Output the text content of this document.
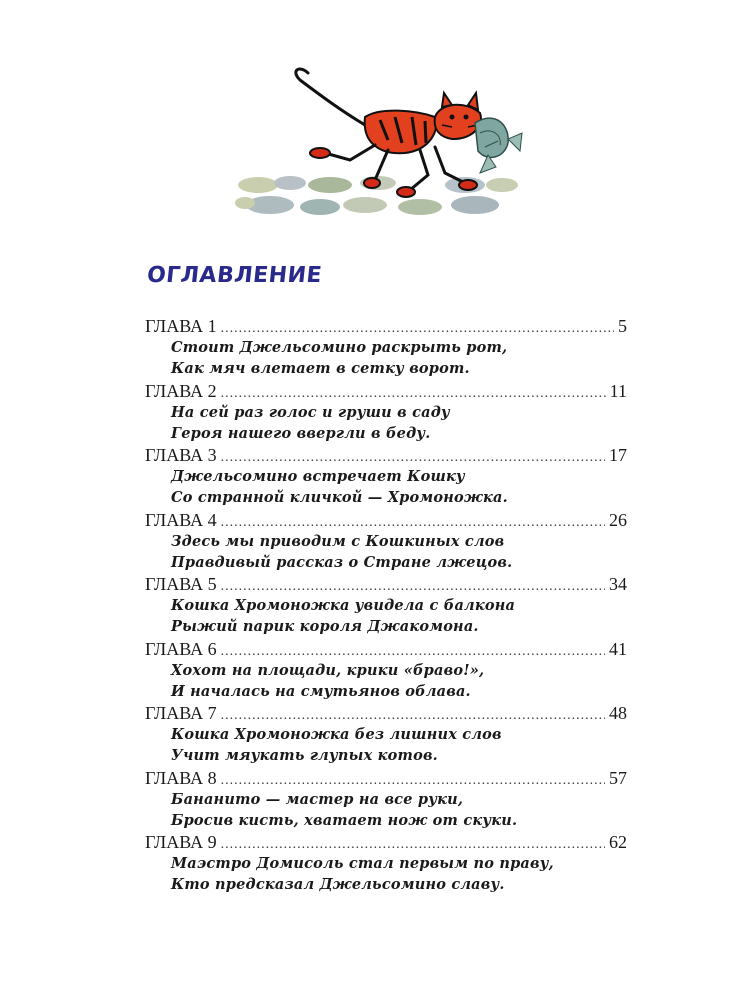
ОГЛАВЛЕНИЕ
ГЛАВА 1 .....	5
Стоит Джельсомино раскрыть рот,
Как мяч влетает в сетку ворот.
ГЛАВА 2 .....	11
На сей раз голос и груши в саду
Героя нашего ввергли в беду.
ГЛАВА 3 .....	17
Джельсомино встречает Кошку
Со странной кличкой — Хромоножка.
ГЛАВА 4 .....	26
Здесь мы приводим с Кошкиных слов
Правдивый рассказ о Стране лжецов.
ГЛАВА 5 .....	34
Кошка Хромоножка увидела с балкона
Рыжий парик короля Джакомона.
ГЛАВА 6 .....	41
Хохот на площади, крики «браво!»,
И началась на смутьянов облава.
ГЛАВА 7 .....	48
Кошка Хромоножка без лишних слов
Учит мяукать глупых котов.
ГЛАВА 8 .....	57
Бананито — мастер на все руки,
Бросив кисть, хватает нож от скуки.
ГЛАВА 9 .....	62
Маэстро Домисоль стал первым по праву,
Кто предсказал Джельсомино славу.
